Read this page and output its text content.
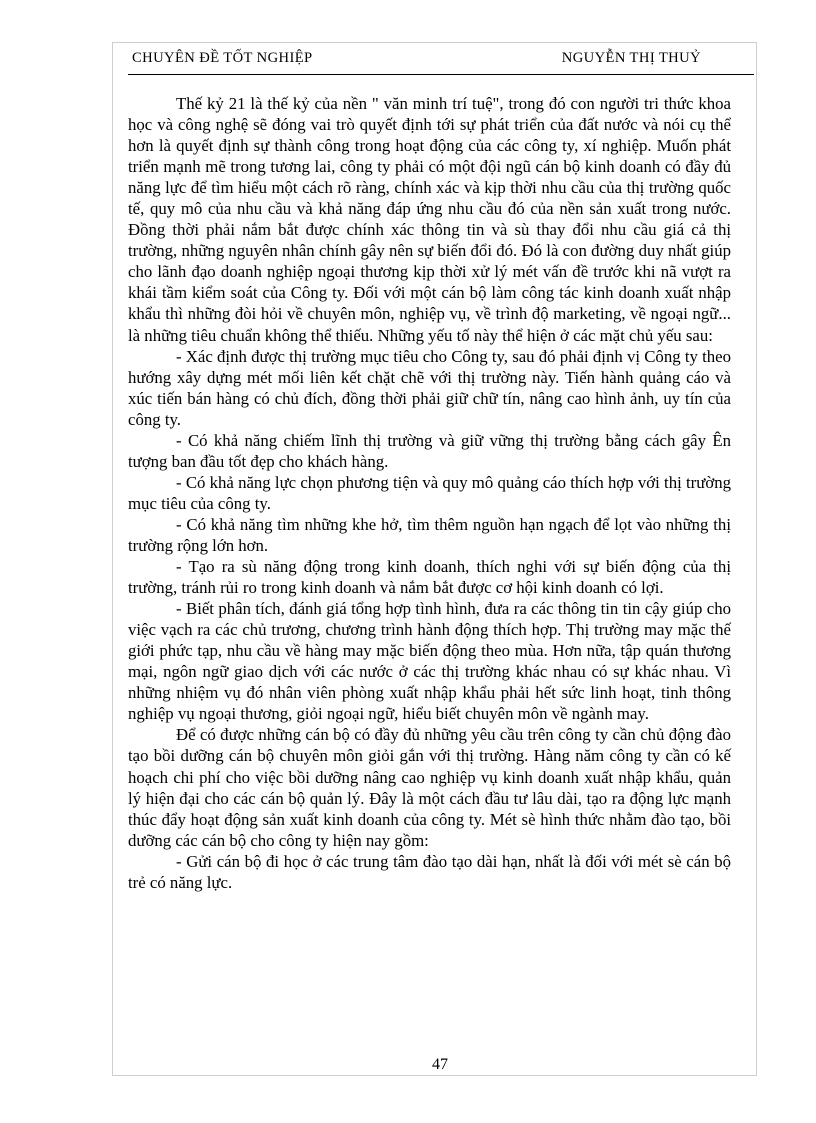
CHUYÊN ĐỀ TỐT NGHIỆP	NGUYỄN THỊ THUỶ

Thế kỷ 21 là thế kỷ của nền " văn minh trí tuệ", trong đó con người tri thức khoa học và công nghệ sẽ đóng vai trò quyết định tới sự phát triển của đất nước và nói cụ thể hơn là quyết định sự thành công trong hoạt động của các công ty, xí nghiệp. Muốn phát triển mạnh mẽ trong tương lai, công ty phải có một đội ngũ cán bộ kinh doanh có đầy đủ năng lực để tìm hiểu một cách rõ ràng, chính xác và kịp thời nhu cầu của thị trường quốc tế, quy mô của nhu cầu và khả năng đáp ứng nhu cầu đó của nền sản xuất trong nước. Đồng thời phải nắm bắt được chính xác thông tin và sù thay đổi nhu cầu giá cả thị trường, những nguyên nhân chính gây nên sự biến đổi đó. Đó là con đường duy nhất giúp cho lãnh đạo doanh nghiệp ngoại thương kịp thời xử lý mét vấn đề trước khi nã vượt ra khái tầm kiểm soát của Công ty. Đối với một cán bộ làm công tác kinh doanh xuất nhập khẩu thì những đòi hỏi về chuyên môn, nghiệp vụ, về trình độ marketing, về ngoại ngữ... là những tiêu chuẩn không thể thiếu. Những yếu tố này thể hiện ở các mặt chủ yếu sau:

- Xác định được thị trường mục tiêu cho Công ty, sau đó phải định vị Công ty theo hướng xây dựng mét mối liên kết chặt chẽ với thị trường này. Tiến hành quảng cáo và xúc tiến bán hàng có chủ đích, đồng thời phải giữ chữ tín, nâng cao hình ảnh, uy tín của công ty.

- Có khả năng chiếm lĩnh thị trường và giữ vững thị trường bằng cách gây Ên tượng ban đầu tốt đẹp cho khách hàng.

- Có khả năng lực chọn phương tiện và quy mô quảng cáo thích hợp với thị trường mục tiêu của công ty.

- Có khả năng tìm những khe hở, tìm thêm nguồn hạn ngạch để lọt vào những thị trường rộng lớn hơn.

- Tạo ra sù năng động trong kinh doanh, thích nghi với sự biến động của thị trường, tránh rủi ro trong kinh doanh và nắm bắt được cơ hội kinh doanh có lợi.

- Biết phân tích, đánh giá tổng hợp tình hình, đưa ra các thông tin tin cậy giúp cho việc vạch ra các chủ trương, chương trình hành động thích hợp. Thị trường may mặc thế giới phức tạp, nhu cầu về hàng may mặc biến động theo mùa. Hơn nữa, tập quán thương mại, ngôn ngữ giao dịch với các nước ở các thị trường khác nhau có sự khác nhau. Vì những nhiệm vụ đó nhân viên phòng xuất nhập khẩu phải hết sức linh hoạt, tinh thông nghiệp vụ ngoại thương, giỏi ngoại ngữ, hiểu biết chuyên môn về ngành may.

Để có được những cán bộ có đầy đủ những yêu cầu trên công ty cần chủ động đào tạo bồi dưỡng cán bộ chuyên môn giỏi gắn với thị trường. Hàng năm công ty cần có kế hoạch chi phí cho việc bồi dưỡng nâng cao nghiệp vụ kinh doanh xuất nhập khẩu, quản lý hiện đại cho các cán bộ quản lý. Đây là một cách đầu tư lâu dài, tạo ra động lực mạnh thúc đẩy hoạt động sản xuất kinh doanh của công ty. Mét sè hình thức nhằm đào tạo, bồi dưỡng các cán bộ cho công ty hiện nay gồm:

- Gửi cán bộ đi học ở các trung tâm đào tạo dài hạn, nhất là đối với mét sè cán bộ trẻ có năng lực.

47
